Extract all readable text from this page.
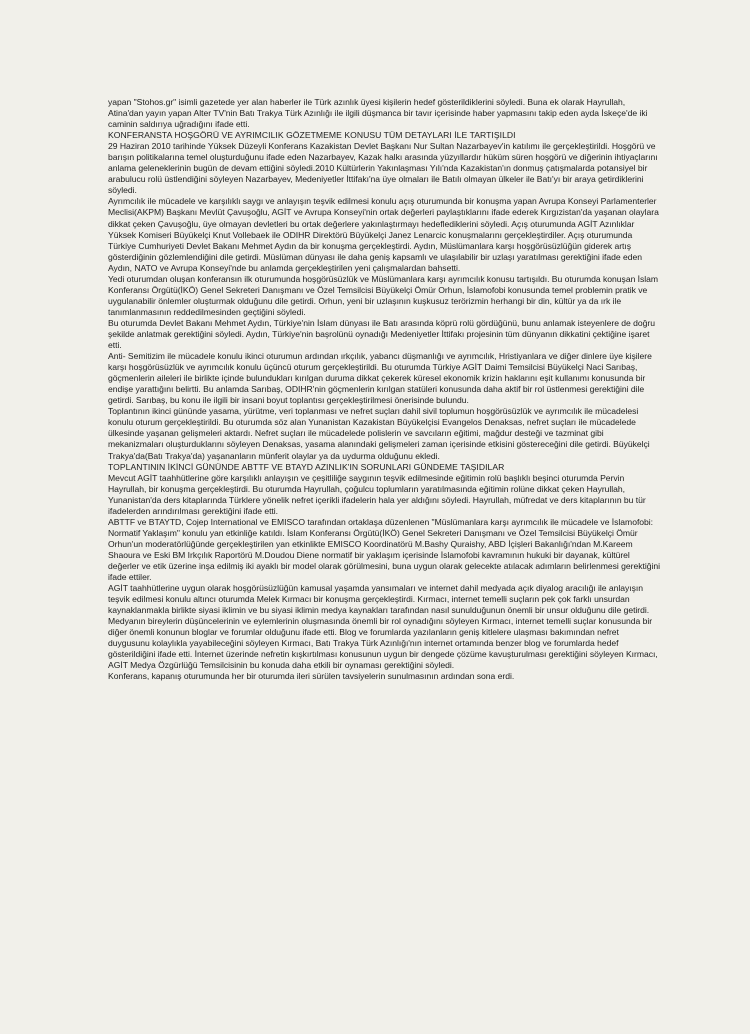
yapan "Stohos.gr" isimli gazetede yer alan haberler ile Türk azınlık üyesi kişilerin hedef gösterildiklerini söyledi. Buna ek olarak Hayrullah, Atina'dan yayın yapan Alter TV'nin Batı Trakya Türk Azınlığı ile ilgili düşmanca bir tavır içerisinde haber yapmasını takip eden ayda İskeçe'de iki caminin saldırıya uğradığını ifade etti.

KONFERANSTA HOŞGÖRÜ VE AYRIMCILIK GÖZETMEME KONUSU TÜM DETAYLARI İLE TARTIŞILDI

29 Haziran 2010 tarihinde Yüksek Düzeyli Konferans Kazakistan Devlet Başkanı Nur Sultan Nazarbayev'in katılımı ile gerçekleştirildi. Hoşgörü ve barışın politikalarına temel oluşturduğunu ifade eden Nazarbayev, Kazak halkı arasında yüzyıllardır hüküm süren hoşgörü ve diğerinin ihtiyaçlarını anlama geleneklerinin bugün de devam ettiğini söyledi.2010 Kültürlerin Yakınlaşması Yılı'nda Kazakistan'ın donmuş çatışmalarda potansiyel bir arabulucu rolü üstlendiğini söyleyen Nazarbayev, Medeniyetler İttifakı'na üye olmaları ile Batılı olmayan ülkeler ile Batı'yı bir araya getirdiklerini söyledi.

Ayrımcılık ile mücadele ve karşılıklı saygı ve anlayışın teşvik edilmesi konulu açış oturumunda bir konuşma yapan Avrupa Konseyi Parlamenterler Meclisi(AKPM) Başkanı Mevlüt Çavuşoğlu, AGİT ve Avrupa Konseyi'nin ortak değerleri paylaştıklarını ifade ederek Kırgızistan'da yaşanan olaylara dikkat çeken Çavuşoğlu, üye olmayan devletleri bu ortak değerlere yakınlaştırmayı hedeflediklerini söyledi. Açış oturumunda AGİT Azınlıklar Yüksek Komiseri Büyükelçi Knut Vollebaek ile ODIHR Direktörü Büyükelçi Janez Lenarcic konuşmalarını gerçekleştirdiler. Açış oturumunda Türkiye Cumhuriyeti Devlet Bakanı Mehmet Aydın da bir konuşma gerçekleştirdi. Aydın, Müslümanlara karşı hoşgörüsüzlüğün giderek artış gösterdiğinin gözlemlendiğini dile getirdi. Müslüman dünyası ile daha geniş kapsamlı ve ulaşılabilir bir uzlaşı yaratılması gerektiğini ifade eden Aydın, NATO ve Avrupa Konseyi'nde bu anlamda gerçekleştirilen yeni çalışmalardan bahsetti.

Yedi oturumdan oluşan konferansın ilk oturumunda hoşgörüsüzlük ve Müslümanlara karşı ayrımcılık konusu tartışıldı. Bu oturumda konuşan İslam Konferansı Örgütü(İKÖ) Genel Sekreteri Danışmanı ve Özel Temsilcisi Büyükelçi Ömür Orhun, İslamofobi konusunda temel problemin pratik ve uygulanabilir önlemler oluşturmak olduğunu dile getirdi. Orhun, yeni bir uzlaşının kuşkusuz terörizmin herhangi bir din, kültür ya da ırk ile tanımlanmasının reddedilmesinden geçtiğini söyledi.

Bu oturumda Devlet Bakanı Mehmet Aydın, Türkiye'nin İslam dünyası ile Batı arasında köprü rolü gördüğünü, bunu anlamak isteyenlere de doğru şekilde anlatmak gerektiğini söyledi. Aydın, Türkiye'nin başrolünü oynadığı Medeniyetler İttifakı projesinin tüm dünyanın dikkatini çektiğine işaret etti.

Anti- Semitizim ile mücadele konulu ikinci oturumun ardından ırkçılık, yabancı düşmanlığı ve ayrımcılık, Hristiyanlara ve diğer dinlere üye kişilere karşı hoşgörüsüzlük ve ayrımcılık konulu üçüncü oturum gerçekleştirildi. Bu oturumda Türkiye AGİT Daimi Temsilcisi Büyükelçi Naci Sarıbaş, göçmenlerin aileleri ile birlikte içinde bulundukları kırılgan duruma dikkat çekerek küresel ekonomik krizin haklarını eşit kullanımı konusunda bir endişe yarattığını belirtti. Bu anlamda Sarıbaş, ODIHR'nin göçmenlerin kırılgan statüleri konusunda daha aktif bir rol üstlenmesi gerektiğini dile getirdi. Sarıbaş, bu konu ile ilgili bir insani boyut toplantısı gerçekleştirilmesi önerisinde bulundu.

Toplantının ikinci gününde yasama, yürütme, veri toplanması ve nefret suçları dahil sivil toplumun hoşgörüsüzlük ve ayrımcılık ile mücadelesi konulu oturum gerçekleştirildi. Bu oturumda söz alan Yunanistan Kazakistan Büyükelçisi Evangelos Denaksas, nefret suçları ile mücadelede ülkesinde yaşanan gelişmeleri aktardı. Nefret suçları ile mücadelede polislerin ve savcıların eğitimi, mağdur desteği ve tazminat gibi mekanizmaları oluşturduklarını söyleyen Denaksas, yasama alanındaki gelişmeleri zaman içerisinde etkisini göstereceğini dile getirdi. Büyükelçi Trakya'da(Batı Trakya'da) yaşananların münferit olaylar ya da uydurma olduğunu ekledi.

TOPLANTININ İKİNCİ GÜNÜNDE ABTTF VE BTAYD AZINLIK'IN SORUNLARI GÜNDEME TAŞIDILAR

Mevcut AGİT taahhütlerine göre karşılıklı anlayışın ve çeşitliliğe saygının teşvik edilmesinde eğitimin rolü başlıklı beşinci oturumda Pervin Hayrullah, bir konuşma gerçekleştirdi. Bu oturumda Hayrullah, çoğulcu toplumların yaratılmasında eğitimin rolüne dikkat çeken Hayrullah, Yunanistan'da ders kitaplarında Türklere yönelik nefret içerikli ifadelerin hala yer aldığını söyledi. Hayrullah, müfredat ve ders kitaplarının bu tür ifadelerden arındırılması gerektiğini ifade etti.

ABTTF ve BTAYTD, Cojep International ve EMISCO tarafından ortaklaşa düzenlenen "Müslümanlara karşı ayrımcılık ile mücadele ve İslamofobi: Normatif Yaklaşım" konulu yan etkinliğe katıldı. İslam Konferansı Örgütü(İKÖ) Genel Sekreteri Danışmanı ve Özel Temsilcisi Büyükelçi Ömür Orhun'un moderatörlüğünde gerçekleştirilen yan etkinlikte EMISCO Koordinatörü M.Bashy Quraishy, ABD İçişleri Bakanlığı'ndan M.Kareem Shaoura ve Eski BM Irkçılık Raportörü M.Doudou Diene normatif bir yaklaşım içerisinde İslamofobi kavramının hukuki bir dayanak, kültürel değerler ve etik üzerine inşa edilmiş iki ayaklı bir model olarak görülmesini, buna uygun olarak gelecekte atılacak adımların belirlenmesi gerektiğini ifade ettiler.

AGİT taahhütlerine uygun olarak hoşgörüsüzlüğün kamusal yaşamda yansımaları ve internet dahil medyada açık diyalog aracılığı ile anlayışın teşvik edilmesi konulu altıncı oturumda Melek Kırmacı bir konuşma gerçekleştirdi. Kırmacı, internet temelli suçların pek çok farklı unsurdan kaynaklanmakla birlikte siyasi iklimin ve bu siyasi iklimin medya kaynakları tarafından nasıl sunulduğunun önemli bir unsur olduğunu dile getirdi. Medyanın bireylerin düşüncelerinin ve eylemlerinin oluşmasında önemli bir rol oynadığını söyleyen Kırmacı, internet temelli suçlar konusunda bir diğer önemli konunun bloglar ve forumlar olduğunu ifade etti. Blog ve forumlarda yazılanların geniş kitlelere ulaşması bakımından nefret duygusunu kolaylıkla yayabileceğini söyleyen Kırmacı, Batı Trakya Türk Azınlığı'nın internet ortamında benzer blog ve forumlarda hedef gösterildiğini ifade etti. İnternet üzerinde nefretin kışkırtılması konusunun uygun bir dengede çözüme kavuşturulması gerektiğini söyleyen Kırmacı, AGİT Medya Özgürlüğü Temsilcisinin bu konuda daha etkili bir oynaması gerektiğini söyledi.

Konferans, kapanış oturumunda her bir oturumda ileri sürülen tavsiyelerin sunulmasının ardından sona erdi.
